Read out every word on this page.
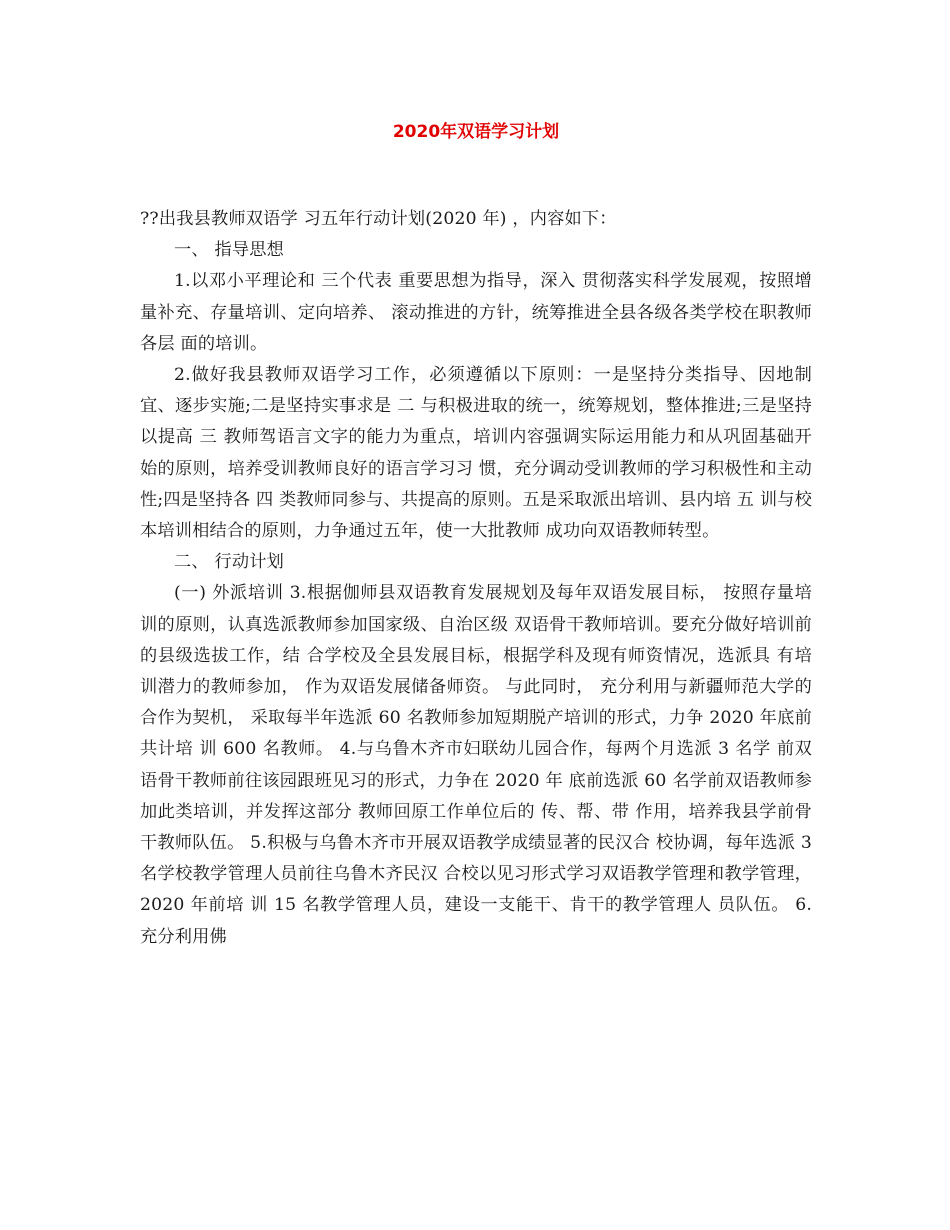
2020年双语学习计划

??出我县教师双语学 习五年行动计划(2020 年) ，内容如下：

一、 指导思想

1.以邓小平理论和 三个代表 重要思想为指导，深入 贯彻落实科学发展观，按照增量补充、存量培训、定向培养、 滚动推进的方针，统筹推进全县各级各类学校在职教师各层 面的培训。

2.做好我县教师双语学习工作，必须遵循以下原则：一是坚持分类指导、因地制宜、逐步实施;二是坚持实事求是 二 与积极进取的统一，统筹规划，整体推进;三是坚持以提高 三 教师驾语言文字的能力为重点，培训内容强调实际运用能力和从巩固基础开始的原则，培养受训教师良好的语言学习习 惯，充分调动受训教师的学习积极性和主动性;四是坚持各 四 类教师同参与、共提高的原则。五是采取派出培训、县内培 五 训与校本培训相结合的原则，力争通过五年，使一大批教师 成功向双语教师转型。

二、 行动计划

(一) 外派培训 3.根据伽师县双语教育发展规划及每年双语发展目标， 按照存量培训的原则，认真选派教师参加国家级、自治区级 双语骨干教师培训。要充分做好培训前的县级选拔工作，结 合学校及全县发展目标，根据学科及现有师资情况，选派具 有培训潜力的教师参加， 作为双语发展储备师资。 与此同时， 充分利用与新疆师范大学的合作为契机， 采取每半年选派 60 名教师参加短期脱产培训的形式，力争 2020 年底前共计培 训 600 名教师。 4.与乌鲁木齐市妇联幼儿园合作，每两个月选派 3 名学 前双语骨干教师前往该园跟班见习的形式，力争在 2020 年 底前选派 60 名学前双语教师参加此类培训，并发挥这部分 教师回原工作单位后的 传、帮、带 作用，培养我县学前骨干教师队伍。 5.积极与乌鲁木齐市开展双语教学成绩显著的民汉合 校协调，每年选派 3 名学校教学管理人员前往乌鲁木齐民汉 合校以见习形式学习双语教学管理和教学管理， 2020 年前培 训 15 名教学管理人员，建设一支能干、肯干的教学管理人 员队伍。 6.充分利用佛
